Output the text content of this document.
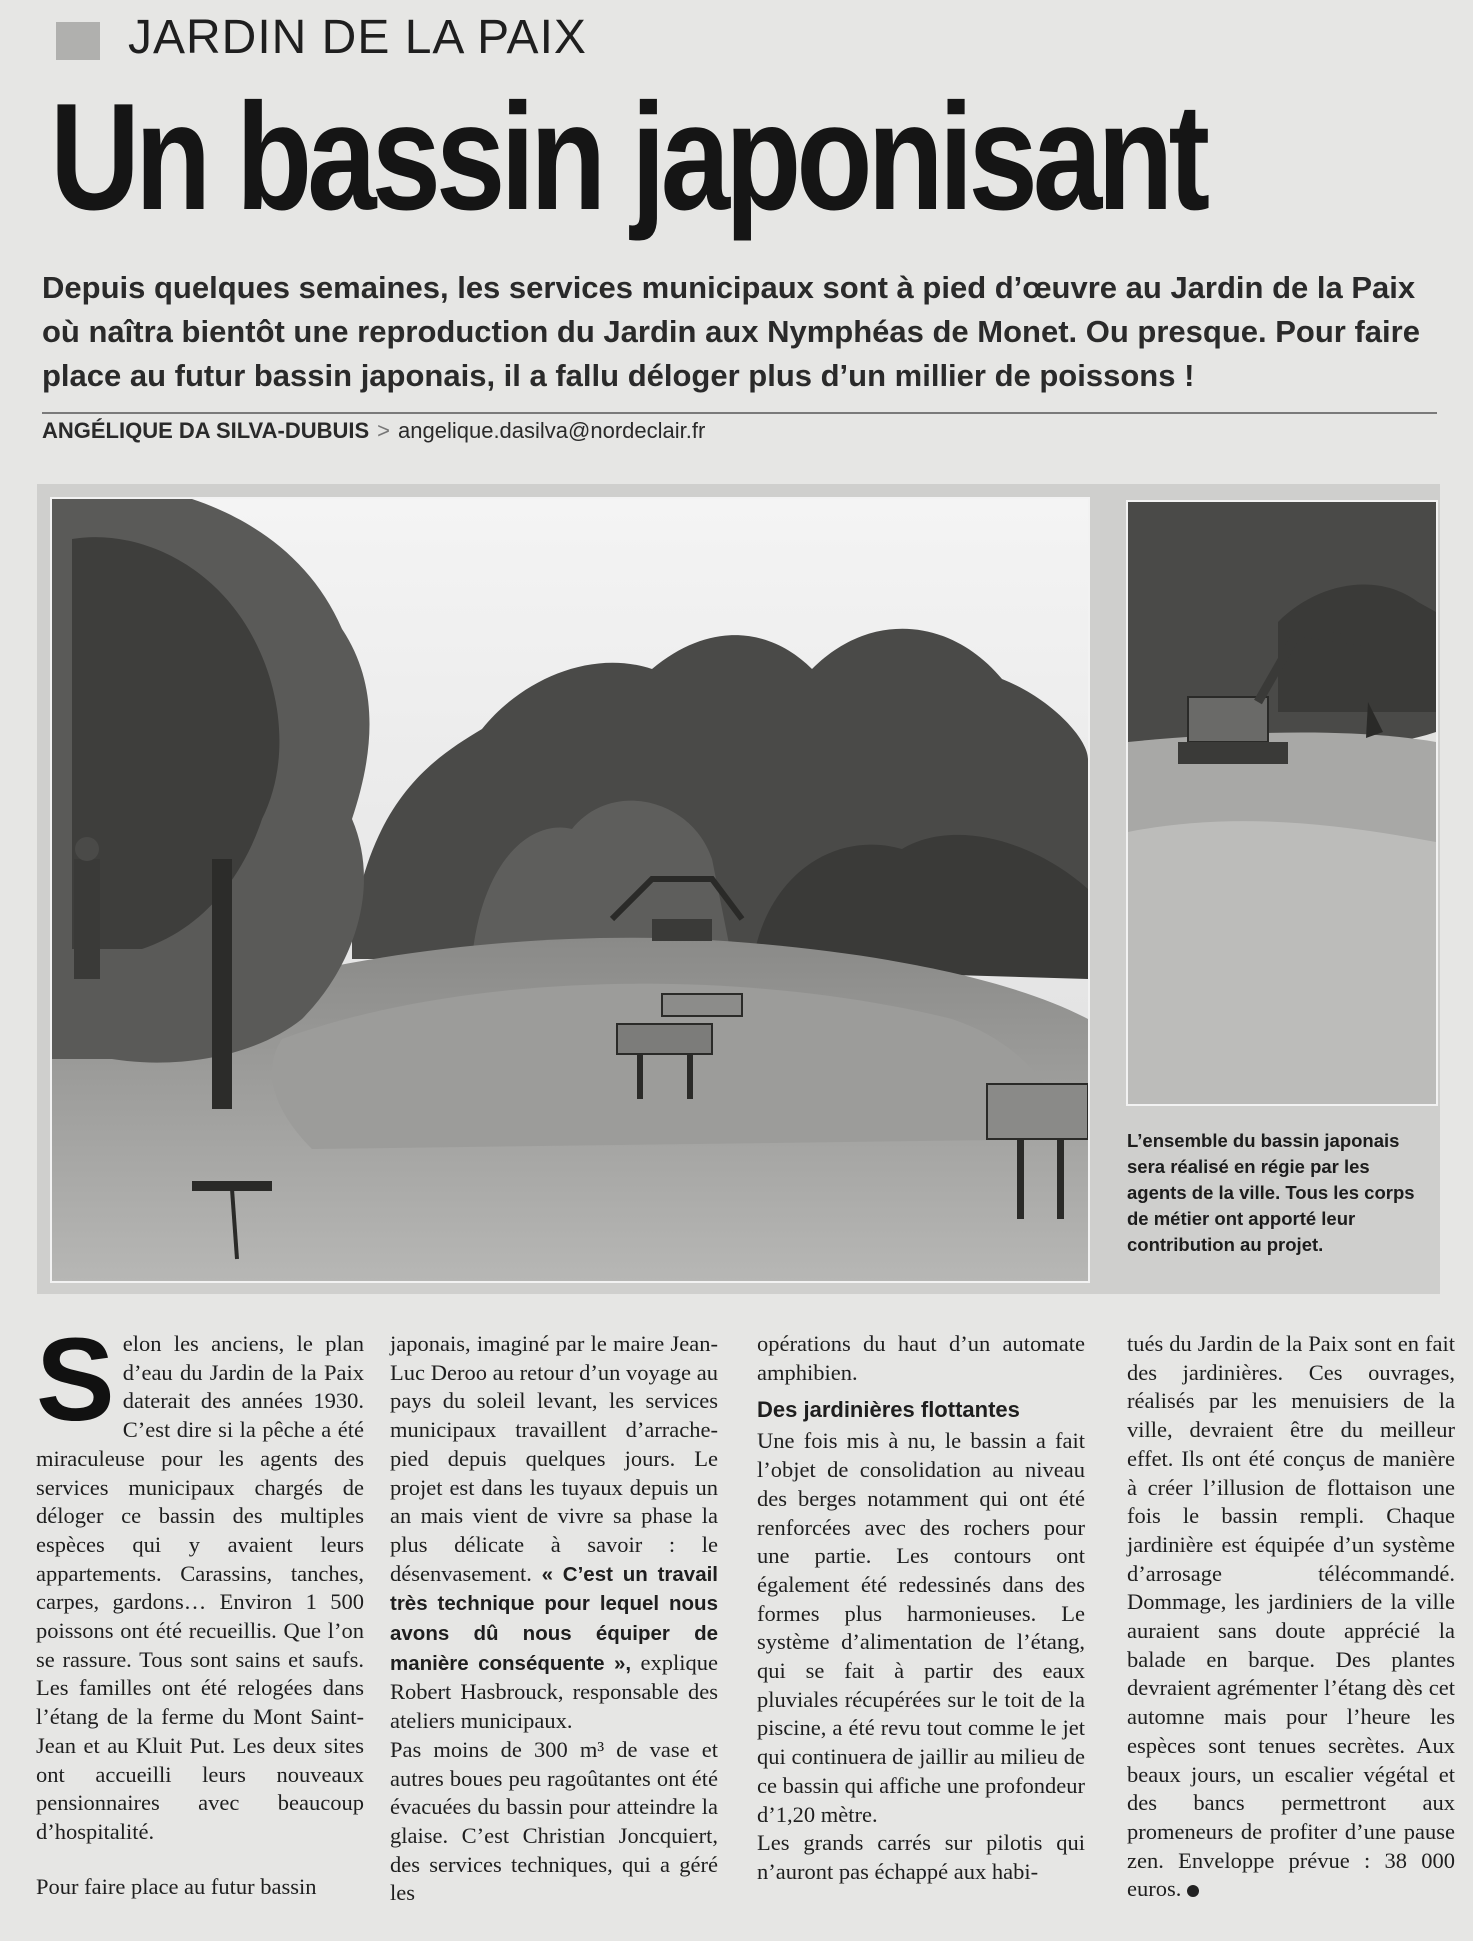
JARDIN DE LA PAIX
Un bassin japonisant
Depuis quelques semaines, les services municipaux sont à pied d’œuvre au Jardin de la Paix où naîtra bientôt une reproduction du Jardin aux Nymphéas de Monet. Ou presque. Pour faire place au futur bassin japonais, il a fallu déloger plus d’un millier de poissons !
ANGÉLIQUE DA SILVA-DUBUIS > angelique.dasilva@nordeclair.fr
L’ensemble du bassin japonais sera réalisé en régie par les agents de la ville. Tous les corps de métier ont apporté leur contribution au projet.

Selon les anciens, le plan d’eau du Jardin de la Paix daterait des années 1930. C’est dire si la pêche a été miraculeuse pour les agents des services municipaux chargés de déloger ce bassin des multiples espèces qui y avaient leurs appartements. Carassins, tanches, carpes, gardons… Environ 1 500 poissons ont été recueillis. Que l’on se rassure. Tous sont sains et saufs. Les familles ont été relogées dans l’étang de la ferme du Mont Saint-Jean et au Kluit Put. Les deux sites ont accueilli leurs nouveaux pensionnaires avec beaucoup d’hospitalité.

Pour faire place au futur bassin

japonais, imaginé par le maire Jean-Luc Deroo au retour d’un voyage au pays du soleil levant, les services municipaux travaillent d’arrache-pied depuis quelques jours. Le projet est dans les tuyaux depuis un an mais vient de vivre sa phase la plus délicate à savoir : le désenvasement. « C’est un travail très technique pour lequel nous avons dû nous équiper de manière conséquente », explique Robert Hasbrouck, responsable des ateliers municipaux.

Pas moins de 300 m³ de vase et autres boues peu ragoûtantes ont été évacuées du bassin pour atteindre la glaise. C’est Christian Joncquiert, des services techniques, qui a géré les

opérations du haut d’un automate amphibien.

Des jardinières flottantes

Une fois mis à nu, le bassin a fait l’objet de consolidation au niveau des berges notamment qui ont été renforcées avec des rochers pour une partie. Les contours ont également été redessinés dans des formes plus harmonieuses. Le système d’alimentation de l’étang, qui se fait à partir des eaux pluviales récupérées sur le toit de la piscine, a été revu tout comme le jet qui continuera de jaillir au milieu de ce bassin qui affiche une profondeur d’1,20 mètre.

Les grands carrés sur pilotis qui n’auront pas échappé aux habi-

tués du Jardin de la Paix sont en fait des jardinières. Ces ouvrages, réalisés par les menuisiers de la ville, devraient être du meilleur effet. Ils ont été conçus de manière à créer l’illusion de flottaison une fois le bassin rempli. Chaque jardinière est équipée d’un système d’arrosage télécommandé. Dommage, les jardiniers de la ville auraient sans doute apprécié la balade en barque. Des plantes devraient agrémenter l’étang dès cet automne mais pour l’heure les espèces sont tenues secrètes. Aux beaux jours, un escalier végétal et des bancs permettront aux promeneurs de profiter d’une pause zen. Enveloppe prévue : 38 000 euros.
